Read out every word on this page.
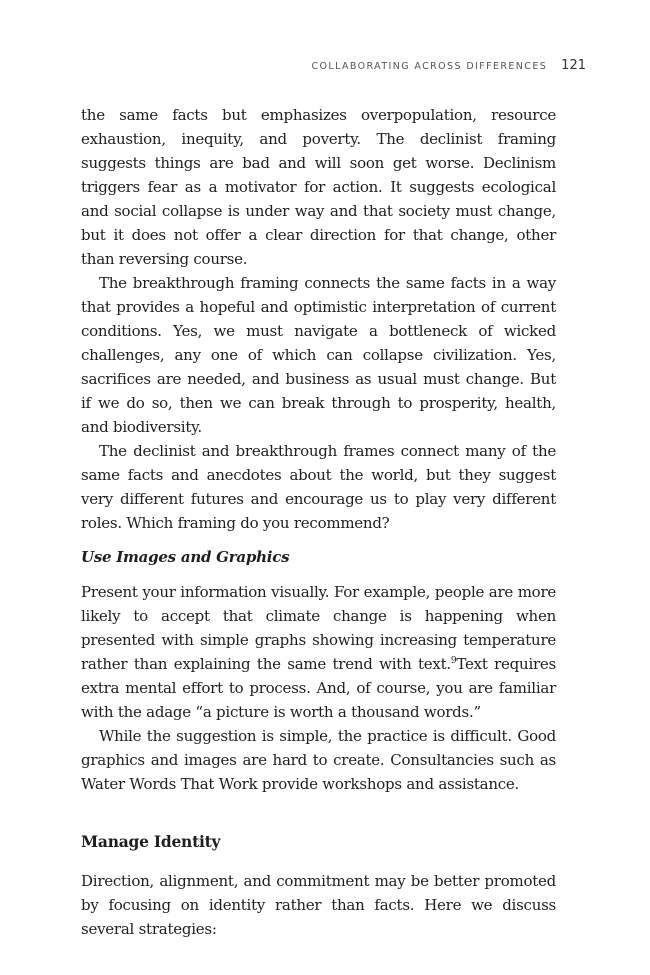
COLLABORATING ACROSS DIFFERENCES 121

the same facts but emphasizes overpopulation, resource exhaustion, inequity, and poverty. The declinist framing suggests things are bad and will soon get worse. Declinism triggers fear as a motivator for action. It suggests ecological and social collapse is under way and that society must change, but it does not offer a clear direction for that change, other than reversing course.

The breakthrough framing connects the same facts in a way that provides a hopeful and optimistic interpretation of current conditions. Yes, we must navigate a bottleneck of wicked challenges, any one of which can collapse civilization. Yes, sacrifices are needed, and business as usual must change. But if we do so, then we can break through to prosperity, health, and biodiversity.

The declinist and breakthrough frames connect many of the same facts and anecdotes about the world, but they suggest very different futures and encourage us to play very different roles. Which framing do you recommend?

Use Images and Graphics

Present your information visually. For example, people are more likely to accept that climate change is happening when presented with simple graphs showing increasing temperature rather than explaining the same trend with text.$^9$Text requires extra mental effort to process. And, of course, you are familiar with the adage “a picture is worth a thousand words.”

While the suggestion is simple, the practice is difficult. Good graphics and images are hard to create. Consultancies such as Water Words That Work provide workshops and assistance.

Manage Identity

Direction, alignment, and commitment may be better promoted by focusing on identity rather than facts. Here we discuss several strategies:
